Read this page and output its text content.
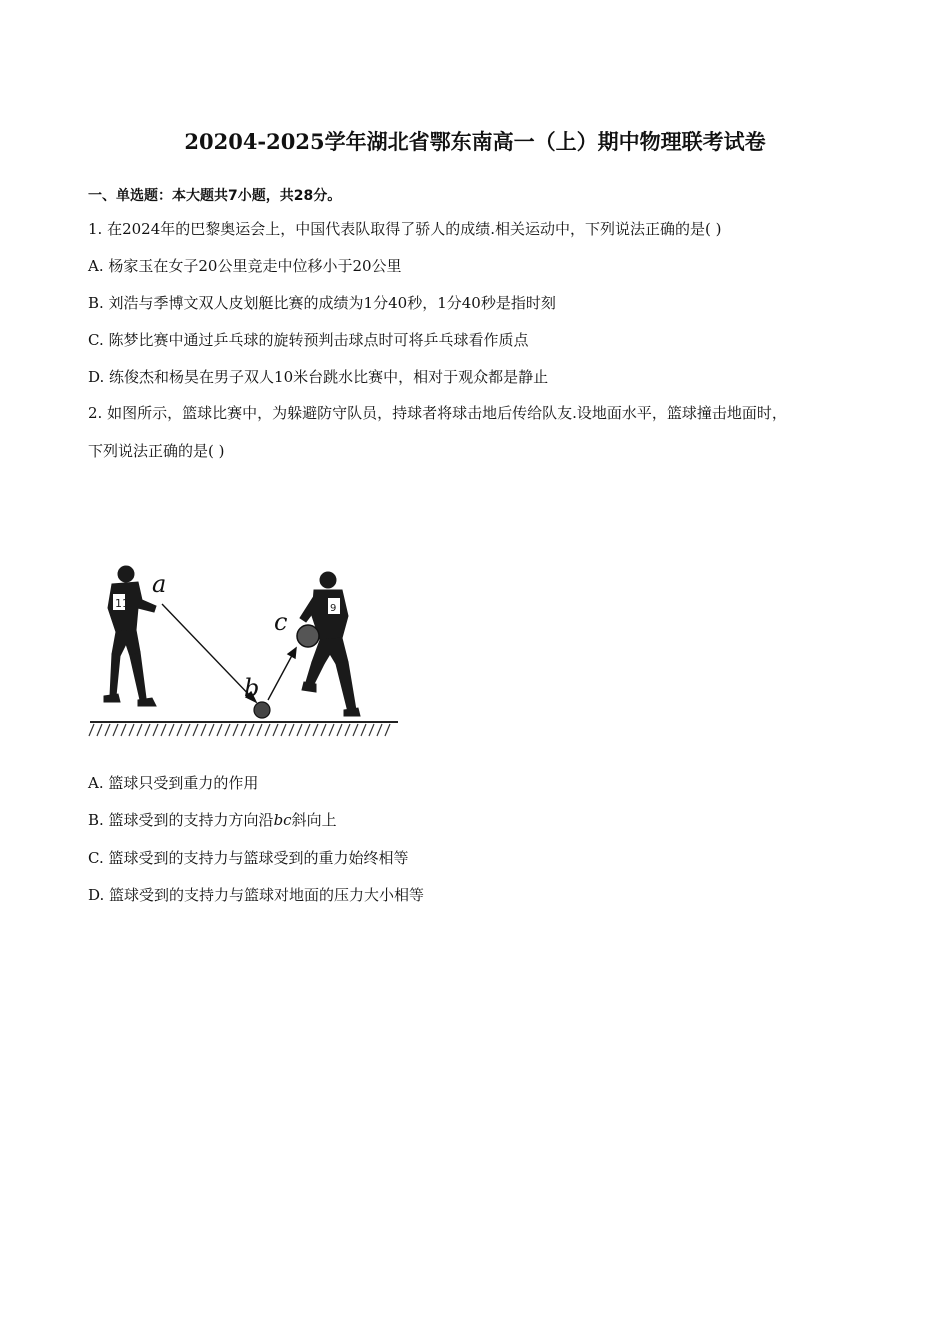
20204-2025学年湖北省鄂东南高一（上）期中物理联考试卷
一、单选题：本大题共7小题，共28分。
1. 在2024年的巴黎奥运会上，中国代表队取得了骄人的成绩.相关运动中，下列说法正确的是( )
A. 杨家玉在女子20公里竞走中位移小于20公里
B. 刘浩与季博文双人皮划艇比赛的成绩为1分40秒，1分40秒是指时刻
C. 陈梦比赛中通过乒乓球的旋转预判击球点时可将乒乓球看作质点
D. 练俊杰和杨昊在男子双人10米台跳水比赛中，相对于观众都是静止
2. 如图所示，篮球比赛中，为躲避防守队员，持球者将球击地后传给队友.设地面水平，篮球撞击地面时，
下列说法正确的是( )
11	9
a
b
c
A. 篮球只受到重力的作用
B. 篮球受到的支持力方向沿bc斜向上
C. 篮球受到的支持力与篮球受到的重力始终相等
D. 篮球受到的支持力与篮球对地面的压力大小相等
